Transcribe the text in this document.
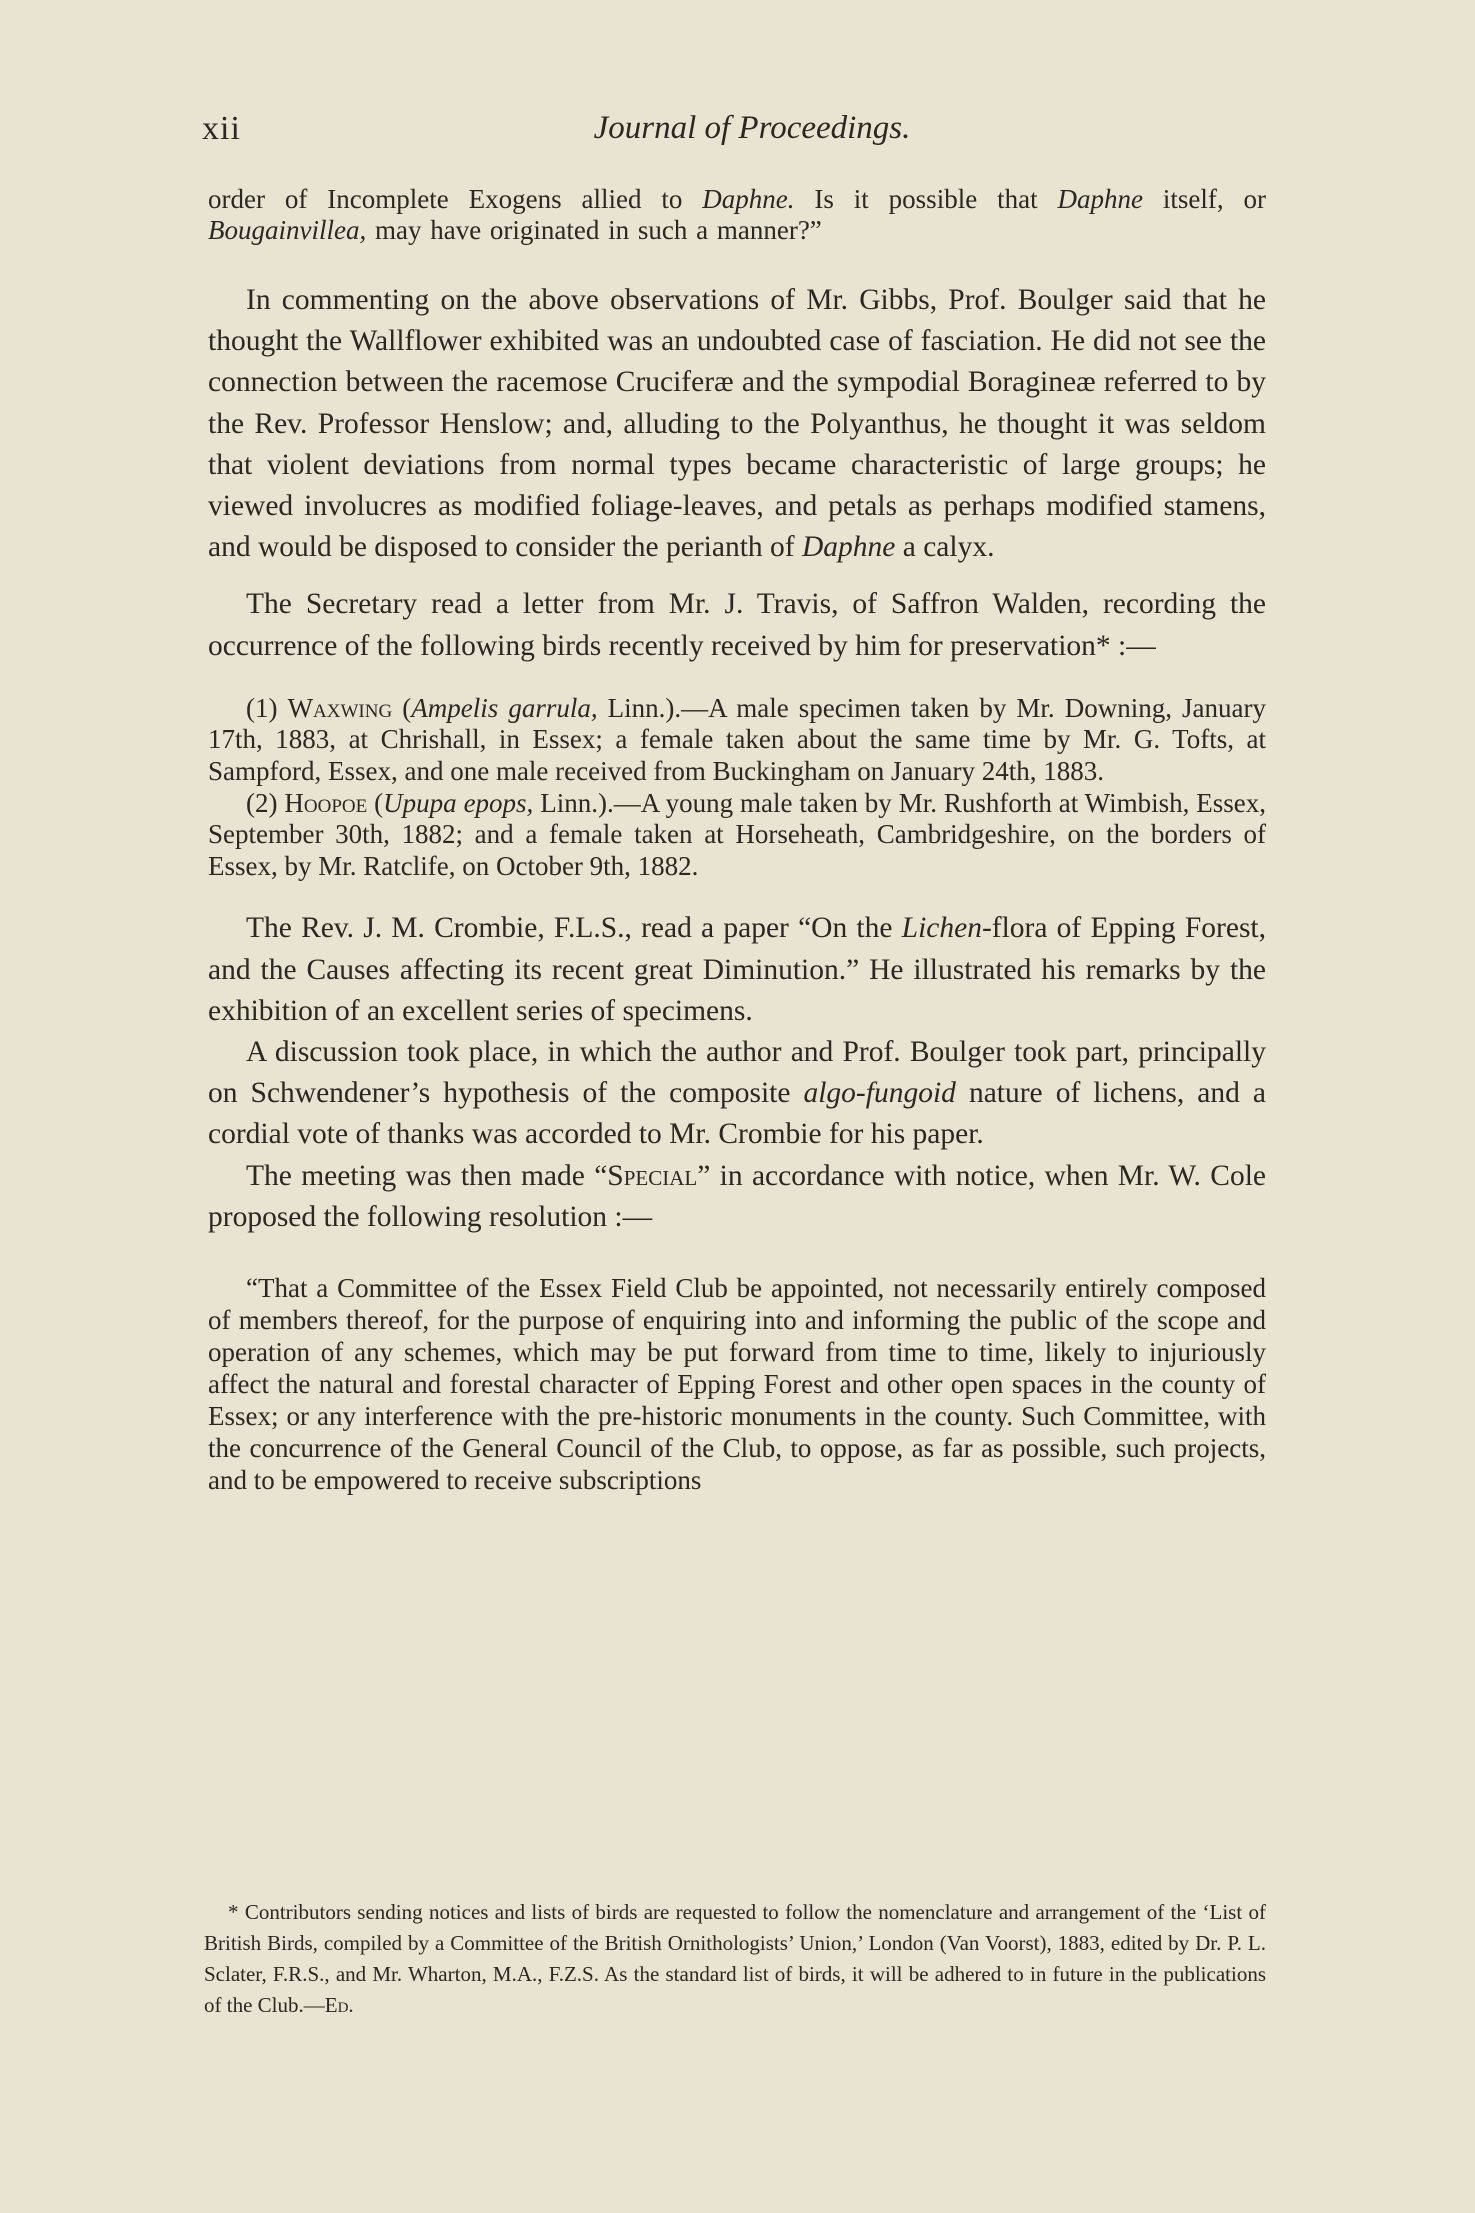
xii	Journal of Proceedings.

order of Incomplete Exogens allied to Daphne. Is it possible that Daphne itself, or Bougainvillea, may have originated in such a manner?”

In commenting on the above observations of Mr. Gibbs, Prof. Boulger said that he thought the Wallflower exhibited was an undoubted case of fasciation. He did not see the connection between the racemose Cruciferæ and the sympodial Boragineæ referred to by the Rev. Professor Henslow; and, alluding to the Polyanthus, he thought it was seldom that violent deviations from normal types became characteristic of large groups; he viewed involucres as modified foliage-leaves, and petals as perhaps modified stamens, and would be disposed to consider the perianth of Daphne a calyx.

The Secretary read a letter from Mr. J. Travis, of Saffron Walden, recording the occurrence of the following birds recently received by him for preservation* :—

(1) Waxwing (Ampelis garrula, Linn.).—A male specimen taken by Mr. Downing, January 17th, 1883, at Chrishall, in Essex; a female taken about the same time by Mr. G. Tofts, at Sampford, Essex, and one male received from Buckingham on January 24th, 1883.

(2) Hoopoe (Upupa epops, Linn.).—A young male taken by Mr. Rushforth at Wimbish, Essex, September 30th, 1882; and a female taken at Horseheath, Cambridgeshire, on the borders of Essex, by Mr. Ratclife, on October 9th, 1882.

The Rev. J. M. Crombie, F.L.S., read a paper “On the Lichen-flora of Epping Forest, and the Causes affecting its recent great Diminution.” He illustrated his remarks by the exhibition of an excellent series of specimens.

A discussion took place, in which the author and Prof. Boulger took part, principally on Schwendener’s hypothesis of the composite algo-fungoid nature of lichens, and a cordial vote of thanks was accorded to Mr. Crombie for his paper.

The meeting was then made “Special” in accordance with notice, when Mr. W. Cole proposed the following resolution :—

“That a Committee of the Essex Field Club be appointed, not necessarily entirely composed of members thereof, for the purpose of enquiring into and informing the public of the scope and operation of any schemes, which may be put forward from time to time, likely to injuriously affect the natural and forestal character of Epping Forest and other open spaces in the county of Essex; or any interference with the pre-historic monuments in the county. Such Committee, with the concurrence of the General Council of the Club, to oppose, as far as possible, such projects, and to be empowered to receive subscriptions

* Contributors sending notices and lists of birds are requested to follow the nomenclature and arrangement of the ‘List of British Birds, compiled by a Committee of the British Ornithologists’ Union,’ London (Van Voorst), 1883, edited by Dr. P. L. Sclater, F.R.S., and Mr. Wharton, M.A., F.Z.S. As the standard list of birds, it will be adhered to in future in the publications of the Club.—Ed.
